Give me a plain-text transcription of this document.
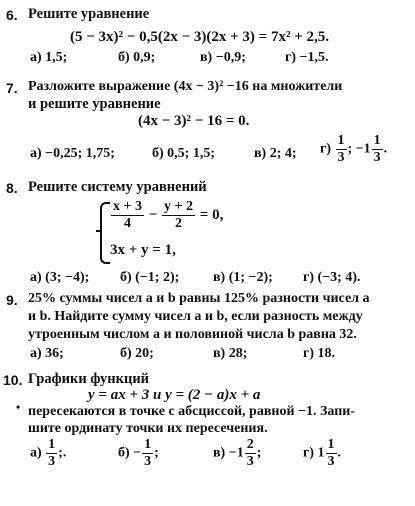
6. Решите уравнение
(5 − 3x)² − 0,5(2x − 3)(2x + 3) = 7x² + 2,5.
а) 1,5;	б) 0,9;	в) −0,9;	г) −1,5.
7. Разложите выражение (4x − 3)² −16 на множители
и решите уравнение
(4x − 3)² − 16 = 0.
а) −0,25; 1,75;	б) 0,5; 1,5;	в) 2; 4; $г) \frac{1}{3}$ ; $-1 \frac{1}{3}$ .
8. Решите систему уравнений
$\frac{x + 3}{4} - \frac{y + 2}{2} = 0$,
3x + y = 1,
а) (3; −4); б) (−1; 2); в) (1; −2); г) (−3; 4).
9. 25% суммы чисел a и b равны 125% разности чисел a
и b. Найдите сумму чисел a и b, если разность между
утроенным числом a и половиной числа b равна 32.
а) 36;	б) 20;	в) 28;	г) 18.
10. Графики функций
y = ax + 3 и y = (2 − a)x + a
• пересекаются в точке с абсциссой, равной −1. Запи-
шите ординату точки их пересечения.
$а) \frac{1}{3}$ ;.	$б) - \frac{1}{3}$ ;	$в) -1 \frac{2}{3}$ ;	г) $1 \frac{1}{3}$ .
